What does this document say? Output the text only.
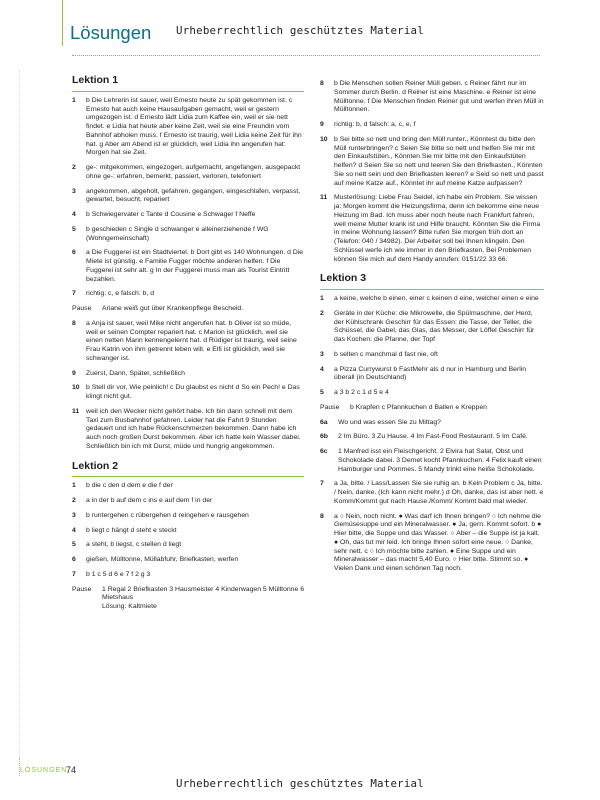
Lösungen	Urheberrechtlich geschütztes Material
Lektion 1
1	b Die Lehrerin ist sauer, weil Ernesto heute zu spät gekommen ist. c Ernesto hat auch keine Hausaufgaben gemacht, weil er gestern umgezogen ist. d Ernesto lädt Lidia zum Kaffee ein, weil er sie nett findet. e Lidia hat heute aber keine Zeit, weil sie eine Freundin vom Bahnhof abholen muss. f Ernesto ist traurig, weil Lidia keine Zeit für ihn hat. g Aber am Abend ist er glücklich, weil Lidia ihn angerufen hat: Morgen hat sie Zeit.
2	ge-: mitgekommen, eingezogen, aufgemacht, angefangen, ausgepackt
ohne ge-: erfahren, bemerkt, passiert, verloren, telefoniert
3	angekommen, abgeholt, gefahren, gegangen, eingeschlafen, verpasst, gewartet, besucht, repariert
4	b Schwiegervater c Tante d Cousine e Schwager f Neffe
5	b geschieden c Single d schwanger e alleinerziehende f WG (Wohngemeinschaft)
6	a Die Fuggerei ist ein Stadtviertel. b Dort gibt es 140 Wohnungen. d Die Miete ist günstig. e Familie Fugger möchte anderen helfen. f Die Fuggerei ist sehr alt. g In der Fuggerei muss man als Tourist Eintritt bezahlen.
7	richtig: c, e falsch: b, d
Pause	Ariane weiß gut über Krankenpflege Bescheid.
8	a Anja ist sauer, weil Mike nicht angerufen hat. b Oliver ist so müde, weil er seinen Compter repariert hat. c Marion ist glücklich, weil sie einen netten Mann kennengelernt hat. d Rüdiger ist traurig, weil seine Frau Katrin von ihm getrennt leben will. e Elfi ist glücklich, weil sie schwanger ist.
9	Zuerst, Dann, Später, schließlich
10 b Stell dir vor, Wie peinlich! c Du glaubst es nicht d So ein Pech! e Das klingt nicht gut.
11 weil ich den Wecker nicht gehört habe. Ich bin dann schnell mit dem Taxi zum Busbahnhof gefahren. Leider hat die Fahrt 9 Stunden gedauert und ich habe Rückenschmerzen bekommen. Dann habe ich auch noch großen Durst bekommen. Aber ich hatte kein Wasser dabei. Schließlich bin ich mit Durst, müde und hungrig angekommen.
Lektion 2
1	b die c den d dem e die f der
2	a in der b auf dem c ins e auf dem f in der
3	b runtergehen c rübergehen d reingehen e rausgehen
4	b liegt c hängt d steht e steckt
5	a steht, b liegst, c stellen d liegt
6	gießen, Mülltonne, Müllabfuhr, Briefkasten, werfen
7	b 1 c 5 d 6 e 7 f 2 g 3
Pause	1 Regal 2 Briefkasten 3 Hausmeister 4 Kinderwagen 5 Mülltonne 6 Mietshaus
Lösung: Kaltmiete
8	b Die Menschen sollen Reiner Müll geben. c Reiner fährt nur im Sommer durch Berlin. d Reiner ist eine Maschine. e Reiner ist eine Mülltonne. f Die Menschen finden Reiner gut und werfen ihren Müll in Mülltonnen.
9	richtig: b, d falsch: a, c, e, f
10 b Sei bitte so nett und bring den Müll runter., Könntest du bitte den Müll runterbringen? c Seien Sie bitte so nett und helfen Sie mir mit den Einkaufstüten., Könnten Sie mir bitte mit den Einkaufstüten helfen? d Seien Sie so nett und leeren Sie den Briefkasten., Könnten Sie so nett sein und den Briefkasten leeren? e Seid so nett und passt auf meine Katze auf., Könntet ihr auf meine Katze aufpassen?
11 Musterlösung: Liebe Frau Seidel, ich habe ein Problem. Sie wissen ja: Morgen kommt die Heizungsfirma, denn ich bekomme eine neue Heizung im Bad. Ich muss aber noch heute nach Frankfurt fahren, weil meine Mutter krank ist und Hilfe braucht. Könnten Sie die Firma in meine Wohnung lassen? Bitte rufen Sie morgen früh dort an (Telefon: 040 / 34982). Der Arbeiter soll bei Ihnen klingeln. Den Schlüssel werfe ich wie immer in den Briefkasten. Bei Problemen können Sie mich auf dem Handy anrufen: 0151/22 33 66.
Lektion 3
1	a keine, welche b einen, einer c keinen d eine, welche/ einen e eine
2	Geräte in der Küche: die Mikrowelle, die Spülmaschine, der Herd, der Kühlschrank Geschirr für das Essen: die Tasse, der Teller, die Schüssel, die Gabel, das Glas, das Messer, der Löffel Geschirr für das Kochen: die Pfanne, der Topf
3	b selten c manchmal d fast nie, oft
4	a Pizza Currywurst b FastMehr als d nur in Hamburg und Berlin überall (in Deutschland)
5	a 3 b 2 c 1 d 5 e 4
Pause	b Krapfen c Pfannkuchen d Ballen e Kreppen
6a	Wo und was essen Sie zu Mittag?
6b	2 Im Büro. 3 Zu Hause. 4 Im Fast-Food Restaurant. 5 Im Café.
6c	1 Manfred isst ein Fleischgericht. 2 Elvira hat Salat, Obst und Schokolade dabei. 3 Demet kocht Pfannkuchen. 4 Felix kauft einen Hamburger und Pommes. 5 Mandy trinkt eine heiße Schokolade.
7	a Ja, bitte. / Lass/Lassen Sie sie ruhig an. b Kein Problem c Ja, bitte. / Nein, danke. (Ich kann nicht mehr.) d Oh, danke, das ist aber nett. e Komm/Kommt gut nach Hause./Komm/ Kommt bald mal wieder.
8	a ○ Nein, noch nicht. ● Was darf ich Ihnen bringen? ○ Ich nehme die Gemüsesuppe und ein Mineralwasser. ● Ja, gern. Kommt sofort. b ● Hier bitte, die Suppe und das Wasser. ○ Aber – die Suppe ist ja kalt. ● Oh, das tut mir leid. Ich bringe Ihnen sofort eine neue. ○ Danke, sehr nett. c ○ Ich möchte bitte zahlen. ● Eine Suppe und ein Mineralwasser – das macht 5,40 Euro. ○ Hier bitte. Stimmt so. ● Vielen Dank und einen schönen Tag noch.
LÖSUNGEN
74
Urheberrechtlich geschütztes Material
